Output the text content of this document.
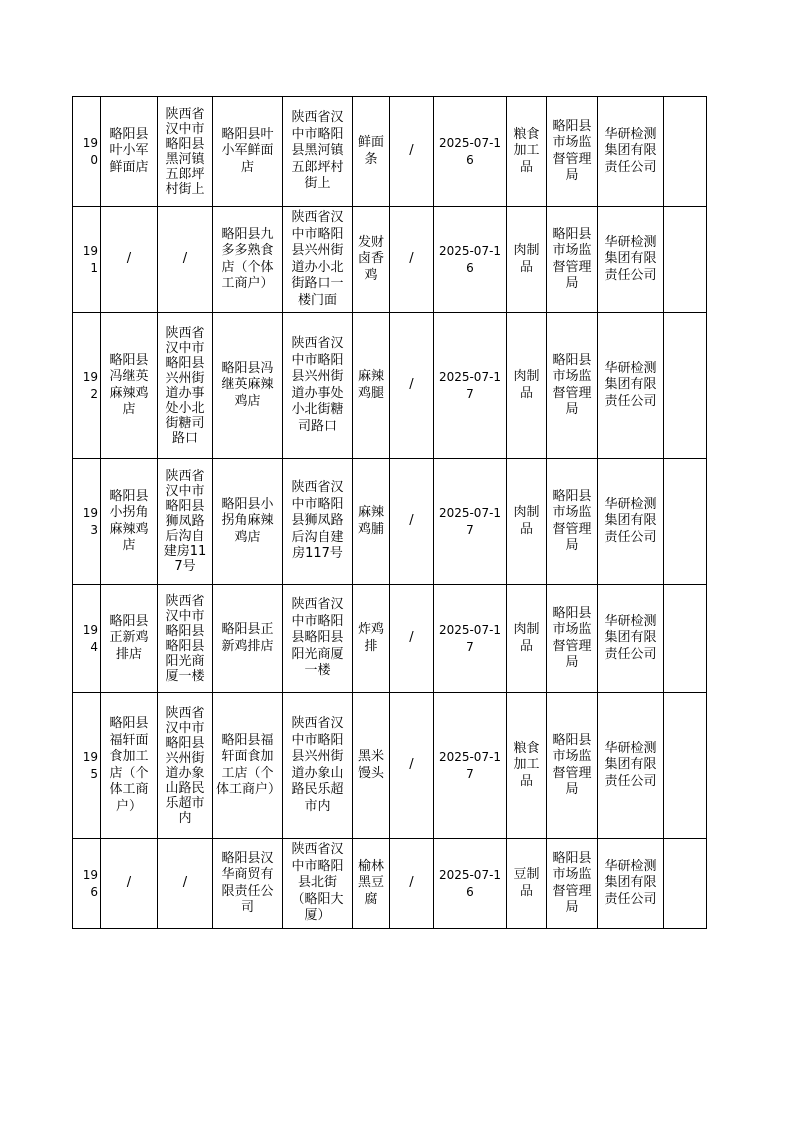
190	略阳县叶小军鲜面店	陕西省汉中市略阳县黑河镇五郎坪村街上	略阳县叶小军鲜面店	陕西省汉中市略阳县黑河镇五郎坪村街上	鲜面条	/	2025-07-16	粮食加工品	略阳县市场监督管理局	华研检测集团有限责任公司	
191	/	/	略阳县九多多熟食店（个体工商户）	陕西省汉中市略阳县兴州街道办小北街路口一楼门面	发财卤香鸡	/	2025-07-16	肉制品	略阳县市场监督管理局	华研检测集团有限责任公司	
192	略阳县冯继英麻辣鸡店	陕西省汉中市略阳县兴州街道办事处小北街糖司路口	略阳县冯继英麻辣鸡店	陕西省汉中市略阳县兴州街道办事处小北街糖司路口	麻辣鸡腿	/	2025-07-17	肉制品	略阳县市场监督管理局	华研检测集团有限责任公司	
193	略阳县小拐角麻辣鸡店	陕西省汉中市略阳县狮凤路后沟自建房117号	略阳县小拐角麻辣鸡店	陕西省汉中市略阳县狮凤路后沟自建房117号	麻辣鸡脯	/	2025-07-17	肉制品	略阳县市场监督管理局	华研检测集团有限责任公司	
194	略阳县正新鸡排店	陕西省汉中市略阳县略阳县阳光商厦一楼	略阳县正新鸡排店	陕西省汉中市略阳县略阳县阳光商厦一楼	炸鸡排	/	2025-07-17	肉制品	略阳县市场监督管理局	华研检测集团有限责任公司	
195	略阳县福轩面食加工店（个体工商户）	陕西省汉中市略阳县兴州街道办象山路民乐超市内	略阳县福轩面食加工店（个体工商户）	陕西省汉中市略阳县兴州街道办象山路民乐超市内	黑米馒头	/	2025-07-17	粮食加工品	略阳县市场监督管理局	华研检测集团有限责任公司	
196	/	/	略阳县汉华商贸有限责任公司	陕西省汉中市略阳县北街（略阳大厦）	榆林黑豆腐	/	2025-07-16	豆制品	略阳县市场监督管理局	华研检测集团有限责任公司	
